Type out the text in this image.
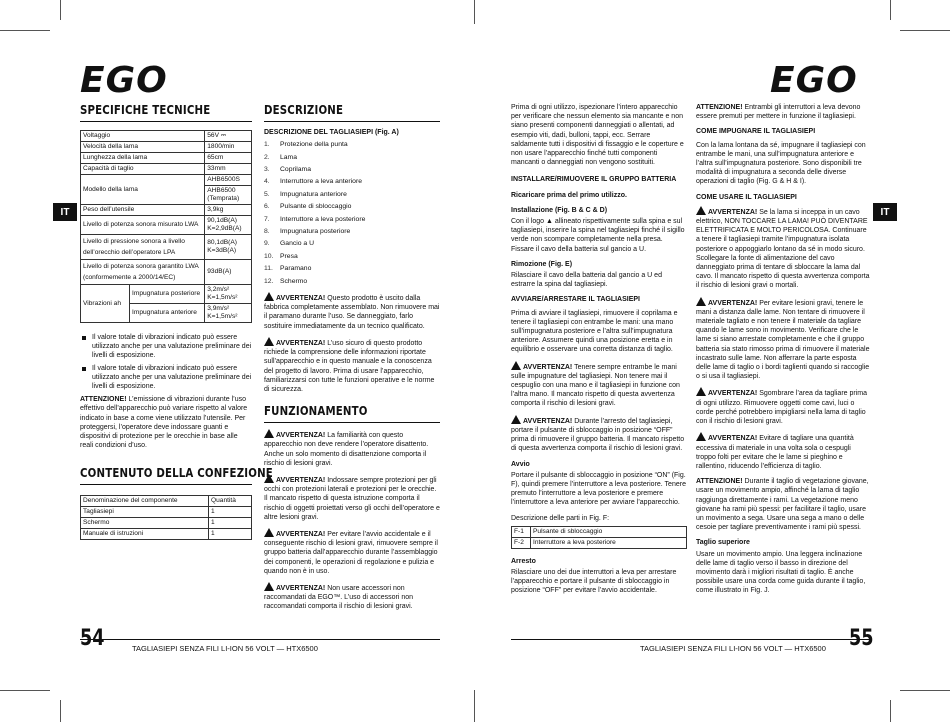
EGO	EGO
IT	IT
SPECIFICHE TECNICHE
Voltaggio		56V ⎓
Velocità della lama		1800/min
Lunghezza della lama		65cm
Capacità di taglio		33mm
Modello della lama		AHB6500S
		AHB6500 (Temprata)
Peso dell’utensile		3,9kg
Livello di potenza sonora misurato LWA		90,1dB(A)
K=2,9dB(A)

Livello di pressione sonora a livello dell’orecchio dell’operatore LPA		80,1dB(A)
K=3dB(A)

Livello di potenza sonora garantito LWA (conformemente a 2000/14/EC)		93dB(A)
Vibrazioni ah	Impugnatura posteriore	3,2m/s²
K=1,5m/s²

	Impugnatura anteriore	3,9m/s²
K=1,5m/s²
Il valore totale di vibrazioni indicato può essere utilizzato anche per una valutazione preliminare dei livelli di esposizione.
Il valore totale di vibrazioni indicato può essere utilizzato anche per una valutazione preliminare dei livelli di esposizione.
ATTENZIONE! L’emissione di vibrazioni durante l’uso effettivo dell’apparecchio può variare rispetto al valore indicato in base a come viene utilizzato l’utensile. Per proteggersi, l’operatore deve indossare guanti e dispositivi di protezione per le orecchie in base alle reali condizioni d’uso.
CONTENUTO DELLA CONFEZIONE
Denominazione del componente	Quantità
Tagliasiepi	1
Schermo	1
Manuale di istruzioni	1
DESCRIZIONE
DESCRIZIONE DEL TAGLIASIEPI (Fig. A)
1. Protezione della punta
2. Lama
3. Coprilama
4. Interruttore a leva anteriore
5. Impugnatura anteriore
6. Pulsante di sbloccaggio
7. Interruttore a leva posteriore
8. Impugnatura posteriore
9. Gancio a U
10. Presa
11. Paramano
12. Schermo
AVVERTENZA! Questo prodotto è uscito dalla fabbrica completamente assemblato. Non rimuovere mai il paramano durante l’uso. Se danneggiato, farlo sostituire immediatamente da un tecnico qualificato.
AVVERTENZA! L’uso sicuro di questo prodotto richiede la comprensione delle informazioni riportate sull’apparecchio e in questo manuale e la conoscenza del progetto di lavoro. Prima di usare l’apparecchio, familiarizzarsi con tutte le funzioni operative e le norme di sicurezza.
FUNZIONAMENTO
AVVERTENZA! La familiarità con questo apparecchio non deve rendere l’operatore disattento. Anche un solo momento di disattenzione comporta il rischio di lesioni gravi.
AVVERTENZA! Indossare sempre protezioni per gli occhi con protezioni laterali e protezioni per le orecchie. Il mancato rispetto di questa istruzione comporta il rischio di oggetti proiettati verso gli occhi dell’operatore e altre lesioni gravi.
AVVERTENZA! Per evitare l’avvio accidentale e il conseguente rischio di lesioni gravi, rimuovere sempre il gruppo batteria dall’apparecchio durante l’assemblaggio dei componenti, le operazioni di regolazione e pulizia e quando non è in uso.
AVVERTENZA! Non usare accessori non raccomandati da EGO™. L’uso di accessori non raccomandati comporta il rischio di lesioni gravi.
Prima di ogni utilizzo, ispezionare l’intero apparecchio per verificare che nessun elemento sia mancante e non siano presenti componenti danneggiati o allentati, ad esempio viti, dadi, bulloni, tappi, ecc. Serrare saldamente tutti i dispositivi di fissaggio e le coperture e non usare l’apparecchio finché tutti componenti mancanti o danneggiati non vengono sostituiti.
INSTALLARE/RIMUOVERE IL GRUPPO BATTERIA
Ricaricare prima del primo utilizzo.
Installazione (Fig. B & C & D)
Con il logo ▲ allineato rispettivamente sulla spina e sul tagliasiepi, inserire la spina nel tagliasiepi finché il sigillo verde non scompare completamente nella presa.
Fissare il cavo della batteria sul gancio a U.
Rimozione (Fig. E)
Rilasciare il cavo della batteria dal gancio a U ed estrarre la spina dal tagliasiepi.
AVVIARE/ARRESTARE IL TAGLIASIEPI
Prima di avviare il tagliasiepi, rimuovere il coprilama e tenere il tagliasiepi con entrambe le mani: una mano sull’impugnatura posteriore e l’altra sull’impugnatura anteriore. Assumere quindi una posizione eretta e in equilibrio e osservare una corretta distanza di taglio.
AVVERTENZA! Tenere sempre entrambe le mani sulle impugnature del tagliasiepi. Non tenere mai il cespuglio con una mano e il tagliasiepi in funzione con l’altra mano. Il mancato rispetto di questa avvertenza comporta il rischio di lesioni gravi.
AVVERTENZA! Durante l’arresto del tagliasiepi, portare il pulsante di sbloccaggio in posizione “OFF” prima di rimuovere il gruppo batteria. Il mancato rispetto di questa avvertenza comporta il rischio di lesioni gravi.
Avvio
Portare il pulsante di sbloccaggio in posizione “ON” (Fig. F), quindi premere l’interruttore a leva posteriore. Tenere premuto l’interruttore a leva posteriore e premere l’interruttore a leva anteriore per avviare l’apparecchio.
Descrizione delle parti in Fig. F:
F-1	Pulsante di sbloccaggio
F-2	Interruttore a leva posteriore
Arresto
Rilasciare uno dei due interruttori a leva per arrestare l’apparecchio e portare il pulsante di sbloccaggio in posizione “OFF” per evitare l’avvio accidentale.
ATTENZIONE! Entrambi gli interruttori a leva devono essere premuti per mettere in funzione il tagliasiepi.
COME IMPUGNARE IL TAGLIASIEPI
Con la lama lontana da sé, impugnare il tagliasiepi con entrambe le mani, una sull’impugnatura anteriore e l’altra sull’impugnatura posteriore. Sono disponibili tre modalità di impugnatura a seconda delle diverse operazioni di taglio (Fig. G & H & I).
COME USARE IL TAGLIASIEPI
AVVERTENZA! Se la lama si inceppa in un cavo elettrico, NON TOCCARE LA LAMA! PUÒ DIVENTARE ELETTRIFICATA E MOLTO PERICOLOSA. Continuare a tenere il tagliasiepi tramite l’impugnatura isolata posteriore o appoggiarlo lontano da sé in modo sicuro. Scollegare la fonte di alimentazione del cavo danneggiato prima di tentare di sbloccare la lama dal cavo. Il mancato rispetto di questa avvertenza comporta il rischio di lesioni gravi o mortali.
AVVERTENZA! Per evitare lesioni gravi, tenere le mani a distanza dalle lame. Non tentare di rimuovere il materiale tagliato e non tenere il materiale da tagliare quando le lame sono in movimento. Verificare che le lame si siano arrestate completamente e che il gruppo batteria sia stato rimosso prima di rimuovere il materiale incastrato sulle lame. Non afferrare la parte esposta delle lame di taglio o i bordi taglienti quando si raccoglie o si usa il tagliasiepi.
AVVERTENZA! Sgombrare l’area da tagliare prima di ogni utilizzo. Rimuovere oggetti come cavi, luci o corde perché potrebbero impigliarsi nella lama di taglio con il rischio di lesioni gravi.
AVVERTENZA! Evitare di tagliare una quantità eccessiva di materiale in una volta sola o cespugli troppo folti per evitare che le lame si pieghino e rallentino, riducendo l’efficienza di taglio.
ATTENZIONE! Durante il taglio di vegetazione giovane, usare un movimento ampio, affinché la lama di taglio raggiunga direttamente i rami. La vegetazione meno giovane ha rami più spessi: per facilitare il taglio, usare un movimento a sega. Usare una sega a mano o delle cesoie per tagliare preventivamente i rami più spessi.
Taglio superiore
Usare un movimento ampio. Una leggera inclinazione delle lame di taglio verso il basso in direzione del movimento darà i migliori risultati di taglio. È anche possibile usare una corda come guida durante il taglio, come illustrato in Fig. J.
54	TAGLIASIEPI SENZA FILI LI-ION 56 VOLT — HTX6500	TAGLIASIEPI SENZA FILI LI-ION 56 VOLT — HTX6500 55
